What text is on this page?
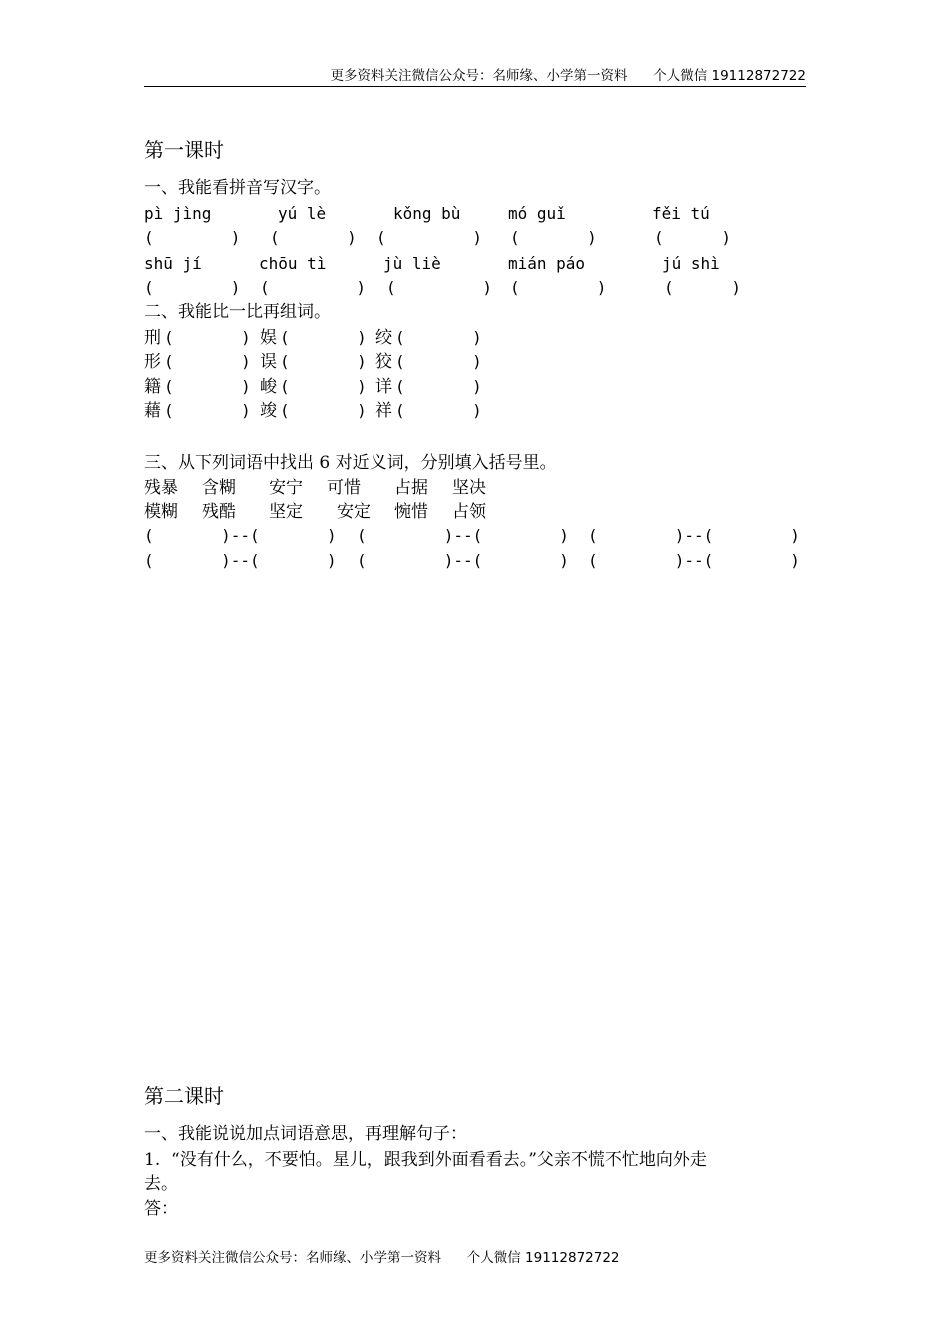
更多资料关注微信公众号：名师缘、小学第一资料      个人微信 19112872722
第一课时
一、我能看拼音写汉字。
pì jìng	yú lè	kǒng bù	mó guǐ	fěi tú
(        ) (       ) (         ) (       )	(      )
shū jí	chōu tì	jù liè	mián páo	jú shì
(        ) (         ) (         ) (        )	(      )
二、我能比一比再组词。
刑 (       ) 娱 (       ) 绞 (       )
形 (       ) 误 (       ) 狡 (       )
籍 (       ) 峻 (       ) 详 (       )
藉 (       ) 竣 (       ) 祥 (       )
三、从下列词语中找出 6 对近义词，分别填入括号里。
残暴 含糊 安宁 可惜 占据 坚决
模糊 残酷 坚定 安定 惋惜 占领
(       )--(       ) (        )--(        ) (        )--(        )
(       )--(       ) (        )--(        ) (        )--(        )
第二课时
一、我能说说加点词语意思，再理解句子：
1.  “没有什么，不要怕。星儿，跟我到外面看看去。”父亲不慌不忙地向外走
去。
答：
更多资料关注微信公众号：名师缘、小学第一资料      个人微信 19112872722
